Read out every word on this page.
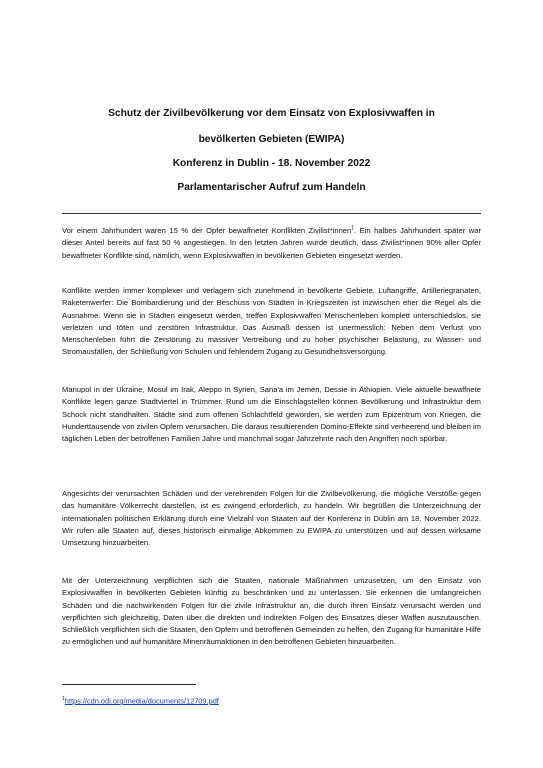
Schutz der Zivilbevölkerung vor dem Einsatz von Explosivwaffen in
bevölkerten Gebieten (EWIPA)
Konferenz in Dublin - 18. November 2022
Parlamentarischer Aufruf zum Handeln

Vor einem Jahrhundert waren 15 % der Opfer bewaffneter Konflikten Zivilist*innen$^1$. Ein halbes Jahrhundert später war dieser Anteil bereits auf fast 50 % angestiegen. In den letzten Jahren wurde deutlich, dass Zivilist*innen 90% aller Opfer bewaffneter Konflikte sind, nämlich, wenn Explosivwaffen in bevölkerten Gebieten eingesetzt werden.

Konflikte werden immer komplexer und verlagern sich zunehmend in bevölkerte Gebiete. Luftangriffe, Artilleriegranaten, Raketenwerfer: Die Bombardierung und der Beschuss von Städten in Kriegszeiten ist inzwischen eher die Regel als die Ausnahme. Wenn sie in Städten eingesetzt werden, treffen Explosivwaffen Menschenleben komplett unterschiedslos, sie verletzen und töten und zerstören Infrastruktur. Das Ausmaß dessen ist unermesslich: Neben dem Verlust von Menschenleben führt die Zerstörung zu massiver Vertreibung und zu hoher psychischer Belastung, zu Wasser- und Stromausfällen, der Schließung von Schulen und fehlendem Zugang zu Gesundheitsversorgung.

Mariupol in der Ukraine, Mosul im Irak, Aleppo in Syrien, Sana'a im Jemen, Dessie in Äthiopien. Viele aktuelle bewaffnete Konflikte legen ganze Stadtviertel in Trümmer. Rund um die Einschlagstellen können Bevölkerung und Infrastruktur dem Schock nicht standhalten. Städte sind zum offenen Schlachtfeld geworden, sie werden zum Epizentrum von Kriegen, die Hunderttausende von zivilen Opfern verursachen. Die daraus resultierenden Domino-Effekte sind verheerend und bleiben im täglichen Leben der betroffenen Familien Jahre und manchmal sogar Jahrzehnte nach den Angriffen noch spürbar.

Angesichts der verursachten Schäden und der verehrenden Folgen für die Zivilbevölkerung, die mögliche Verstöße gegen das humanitäre Völkerrecht darstellen, ist es zwingend erforderlich, zu handeln. Wir begrüßen die Unterzeichnung der internationalen politischen Erklärung durch eine Vielzahl von Staaten auf der Konferenz in Dublin am 18. November 2022. Wir rufen alle Staaten auf, dieses historisch einmalige Abkommen zu EWIPA zu unterstützen und auf dessen wirksame Umsetzung hinzuarbeiten.

Mit der Unterzeichnung verpflichten sich die Staaten, nationale Maßnahmen umzusetzen, um den Einsatz von Explosivwaffen in bevölkerten Gebieten künftig zu beschränken und zu unterlassen. Sie erkennen die umfangreichen Schäden und die nachwirkenden Folgen für die zivile Infrastruktur an, die durch ihren Einsatz verursacht werden und verpflichten sich gleichzeitig, Daten über die direkten und indirekten Folgen des Einsatzes dieser Waffen auszutauschen. Schließlich verpflichten sich die Staaten, den Opfern und betroffenen Gemeinden zu helfen, den Zugang für humanitäre Hilfe zu ermöglichen und auf humanitäre Minenräumaktionen in den betroffenen Gebieten hinzuarbeiten.

$^1$https://cdn.odi.org/media/documents/12709.pdf
